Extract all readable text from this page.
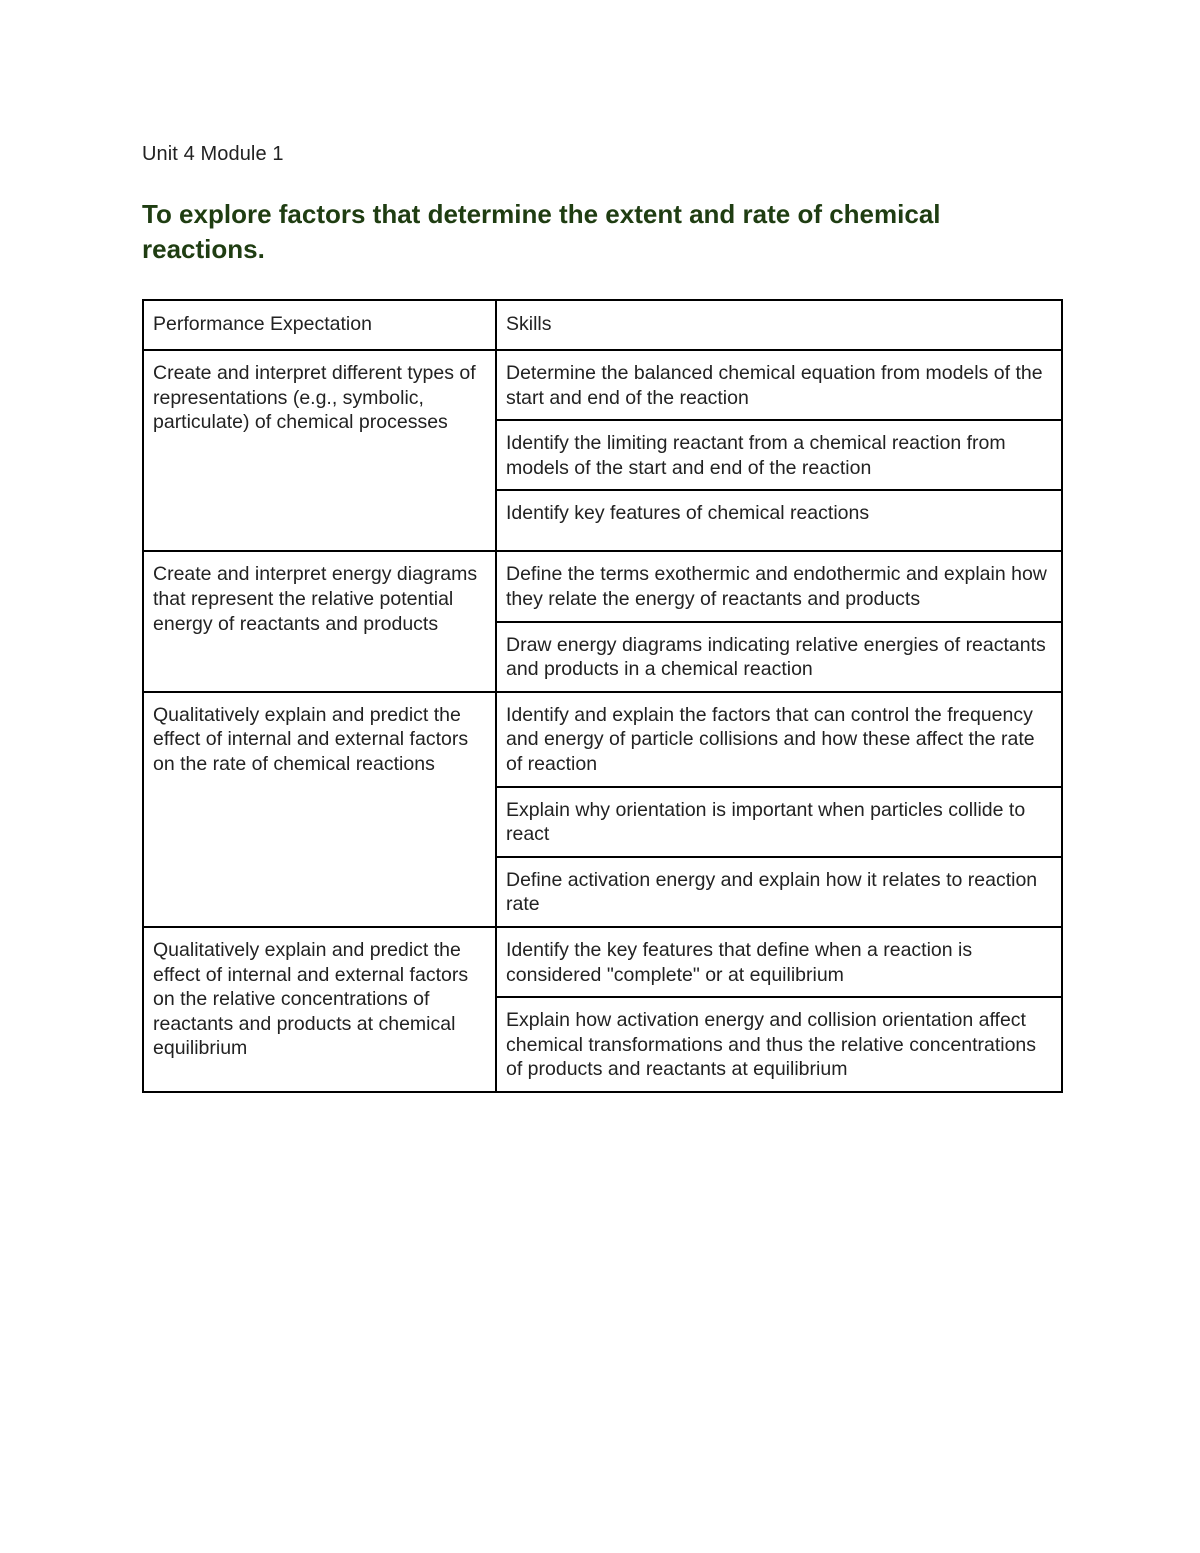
Unit 4 Module 1
To explore factors that determine the extent and rate of chemical reactions.
Performance Expectation	Skills
Create and interpret different types of representations (e.g., symbolic, particulate) of chemical processes	Determine the balanced chemical equation from models of the start and end of the reaction
	Identify the limiting reactant from a chemical reaction from models of the start and end of the reaction
	Identify key features of chemical reactions
Create and interpret energy diagrams that represent the relative potential energy of reactants and products	Define the terms exothermic and endothermic and explain how they relate the energy of reactants and products
	Draw energy diagrams indicating relative energies of reactants and products in a chemical reaction
Qualitatively explain and predict the effect of internal and external factors on the rate of chemical reactions	Identify and explain the factors that can control the frequency and energy of particle collisions and how these affect the rate of reaction
	Explain why orientation is important when particles collide to react
	Define activation energy and explain how it relates to reaction rate
Qualitatively explain and predict the effect of internal and external factors on the relative concentrations of reactants and products at chemical equilibrium	Identify the key features that define when a reaction is considered "complete" or at equilibrium
	Explain how activation energy and collision orientation affect chemical transformations and thus the relative concentrations of products and reactants at equilibrium
